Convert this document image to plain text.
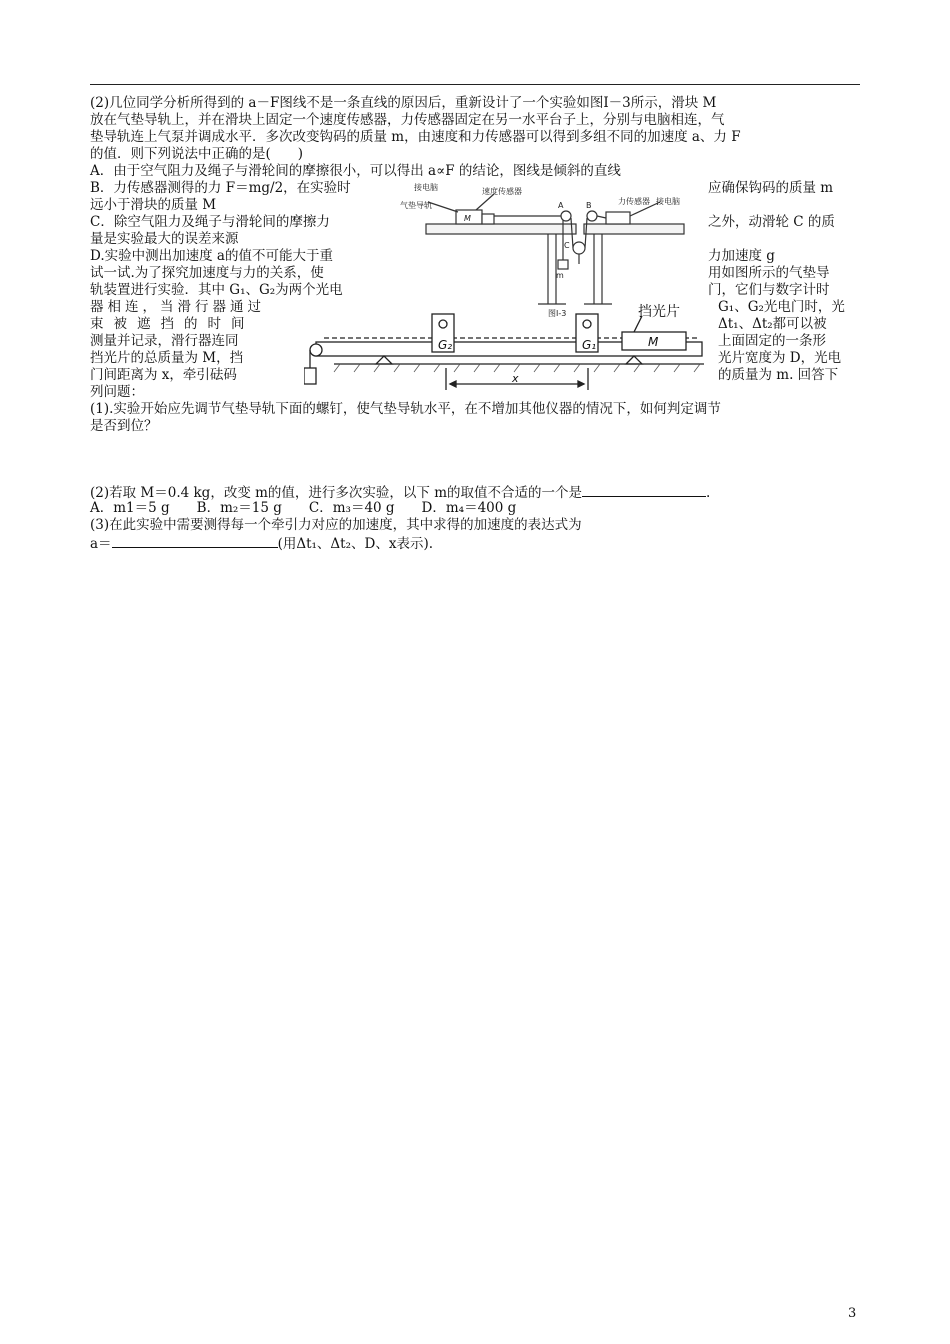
(2)几位同学分析所得到的 a－F图线不是一条直线的原因后，重新设计了一个实验如图Ⅰ－3所示，滑块 M
放在气垫导轨上，并在滑块上固定一个速度传感器，力传感器固定在另一水平台子上，分别与电脑相连，气
垫导轨连上气泵并调成水平．多次改变钩码的质量 m，由速度和力传感器可以得到多组不同的加速度 a、力 F
的值．则下列说法中正确的是(　　)
A．由于空气阻力及绳子与滑轮间的摩擦很小，可以得出 a∝F 的结论，图线是倾斜的直线
B．力传感器测得的力 F＝mg/2，在实验时
远小于滑块的质量 M
C．除空气阻力及绳子与滑轮间的摩擦力
量是实验最大的误差来源
D.实验中测出加速度 a的值不可能大于重
试一试.为了探究加速度与力的关系，使
轨装置进行实验．其中 G₁、G₂为两个光电
器相连，当滑行器通过
束被遮挡的时间
测量并记录，滑行器连同
挡光片的总质量为 M，挡
门间距离为 x，牵引砝码
列问题：
应确保钩码的质量 m
之外，动滑轮 C 的质
力加速度 g
用如图所示的气垫导
门，它们与数字计时
G₁、G₂光电门时，光
Δt₁、Δt₂都可以被
上面固定的一条形
光片宽度为 D，光电
的质量为 m. 回答下
接电脑	速度传感器
气垫导轨
M
A	B
C
力传感器 接电脑
m
图Ⅰ-3	挡光片
G₂	G₁	M
x
(1).实验开始应先调节气垫导轨下面的螺钉，使气垫导轨水平，在不增加其他仪器的情况下，如何判定调节
是否到位？
(2)若取 M＝0.4 kg，改变 m的值，进行多次实验，以下 m的取值不合适的一个是	.
A．m1＝5 g　　B．m₂＝15 g　　C．m₃＝40 g　　D．m₄＝400 g
(3)在此实验中需要测得每一个牵引力对应的加速度，其中求得的加速度的表达式为
a＝	(用Δt₁、Δt₂、D、x表示).
3
